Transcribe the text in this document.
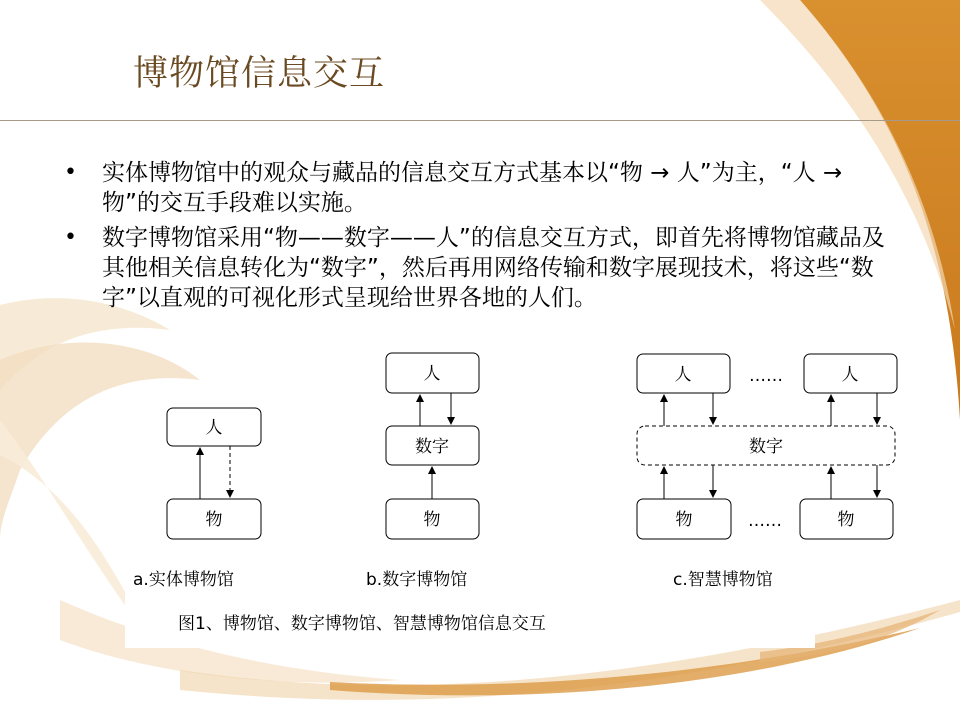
博物馆信息交互
• 实体博物馆中的观众与藏品的信息交互方式基本以“物 → 人”为主，“人 → 物”的交互手段难以实施。
• 数字博物馆采用“物——数字——人”的信息交互方式，即首先将博物馆藏品及其他相关信息转化为“数字”，然后再用网络传输和数字展现技术，将这些“数字”以直观的可视化形式呈现给世界各地的人们。
人
物
人
数字
物
人	……	人
数字
物	……	物
a.实体博物馆	b.数字博物馆	c.智慧博物馆
图1、博物馆、数字博物馆、智慧博物馆信息交互
